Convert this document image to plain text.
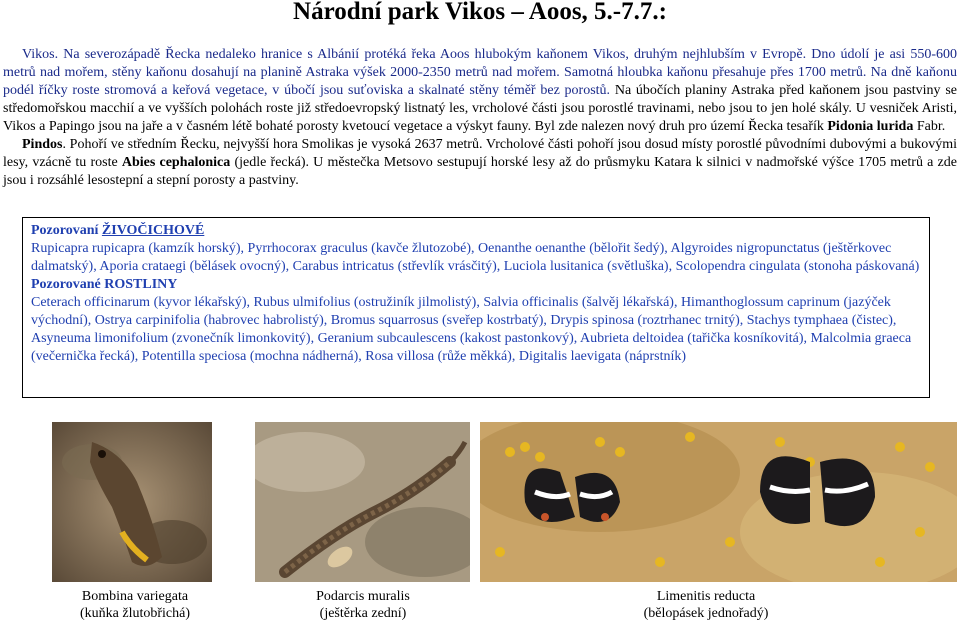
Národní park Vikos – Aoos, 5.-7.7.:

Vikos. Na severozápadě Řecka nedaleko hranice s Albánií protéká řeka Aoos hlubokým kaňonem Vikos, druhým nejhlubším v Evropě. Dno údolí je asi 550-600 metrů nad mořem, stěny kaňonu dosahují na planině Astraka výšek 2000-2350 metrů nad mořem. Samotná hloubka kaňonu přesahuje přes 1700 metrů. Na dně kaňonu podél říčky roste stromová a keřová vegetace, v úbočí jsou suťoviska a skalnaté stěny téměř bez porostů. Na úbočích planiny Astraka před kaňonem jsou pastviny se středomořskou macchií a ve vyšších polohách roste již středoevropský listnatý les, vrcholové části jsou porostlé travinami, nebo jsou to jen holé skály. U vesniček Aristi, Vikos a Papingo jsou na jaře a v časném létě bohaté porosty kvetoucí vegetace a výskyt fauny. Byl zde nalezen nový druh pro území Řecka tesařík Pidonia lurida Fabr.

Pindos. Pohoří ve středním Řecku, nejvyšší hora Smolikas je vysoká 2637 metrů. Vrcholové části pohoří jsou dosud místy porostlé původními dubovými a bukovými lesy, vzácně tu roste Abies cephalonica (jedle řecká). U městečka Metsovo sestupují horské lesy až do průsmyku Katara k silnici v nadmořské výšce 1705 metrů a zde jsou i rozsáhlé lesostepní a stepní porosty a pastviny.

Pozorovaní ŽIVOČICHOVÉ
Rupicapra rupicapra (kamzík horský), Pyrrhocorax graculus (kavče žlutozobé), Oenanthe oenanthe (bělořit šedý), Algyroides nigropunctatus (ještěrkovec dalmatský), Aporia crataegi (bělásek ovocný), Carabus intricatus (střevlík vrásčitý), Luciola lusitanica (světluška), Scolopendra cingulata (stonoha páskovaná)
Pozorované ROSTLINY
Ceterach officinarum (kyvor lékařský), Rubus ulmifolius (ostružiník jilmolistý), Salvia officinalis (šalvěj lékařská), Himanthoglossum caprinum (jazýček východní), Ostrya carpinifolia (habrovec habrolistý), Bromus squarrosus (sveřep kostrbatý), Drypis spinosa (roztrhanec trnitý), Stachys tymphaea (čistec), Asyneuma limonifolium (zvonečník limonkovitý), Geranium subcaulescens (kakost pastonkový), Aubrieta deltoidea (tařička kosníkovitá), Malcolmia graeca (večernička řecká), Potentilla speciosa (mochna nádherná), Rosa villosa (růže měkká), Digitalis laevigata (náprstník)
Bombina variegata
(kuňka žlutobřichá)
Podarcis muralis
(ještěrka zední)
Limenitis reducta
(bělopásek jednořadý)
